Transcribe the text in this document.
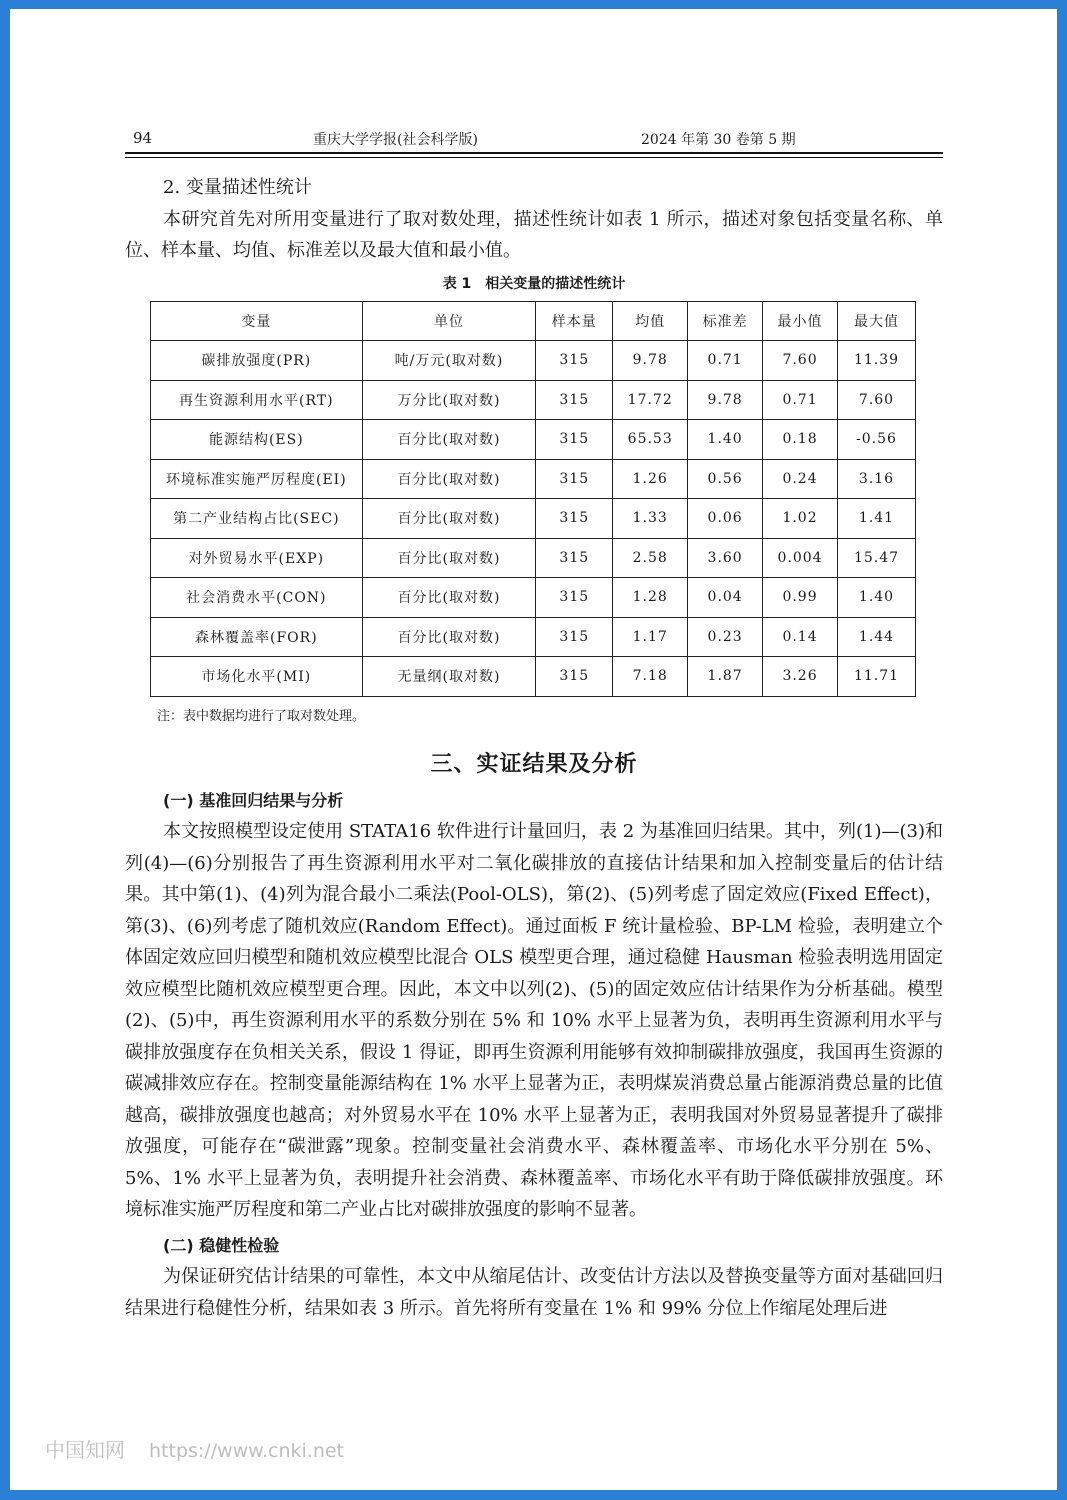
94	重庆大学学报(社会科学版)	2024 年第 30 卷第 5 期
2. 变量描述性统计

本研究首先对所用变量进行了取对数处理，描述性统计如表 1 所示，描述对象包括变量名称、单位、样本量、均值、标准差以及最大值和最小值。

表 1　相关变量的描述性统计
变量	单位	样本量	均值	标准差	最小值	最大值
碳排放强度(PR)	吨/万元(取对数)	315	9.78	0.71	7.60	11.39
再生资源利用水平(RT)	万分比(取对数)	315	17.72	9.78	0.71	7.60
能源结构(ES)	百分比(取对数)	315	65.53	1.40	0.18	-0.56
环境标准实施严厉程度(EI)	百分比(取对数)	315	1.26	0.56	0.24	3.16
第二产业结构占比(SEC)	百分比(取对数)	315	1.33	0.06	1.02	1.41
对外贸易水平(EXP)	百分比(取对数)	315	2.58	3.60	0.004	15.47
社会消费水平(CON)	百分比(取对数)	315	1.28	0.04	0.99	1.40
森林覆盖率(FOR)	百分比(取对数)	315	1.17	0.23	0.14	1.44
市场化水平(MI)	无量纲(取对数)	315	7.18	1.87	3.26	11.71
注：表中数据均进行了取对数处理。
三、实证结果及分析
(一) 基准回归结果与分析

本文按照模型设定使用 STATA16 软件进行计量回归，表 2 为基准回归结果。其中，列(1)—(3)和列(4)—(6)分别报告了再生资源利用水平对二氧化碳排放的直接估计结果和加入控制变量后的估计结果。其中第(1)、(4)列为混合最小二乘法(Pool-OLS)，第(2)、(5)列考虑了固定效应(Fixed Effect)，第(3)、(6)列考虑了随机效应(Random Effect)。通过面板 F 统计量检验、BP-LM 检验，表明建立个体固定效应回归模型和随机效应模型比混合 OLS 模型更合理，通过稳健 Hausman 检验表明选用固定效应模型比随机效应模型更合理。因此，本文中以列(2)、(5)的固定效应估计结果作为分析基础。模型(2)、(5)中，再生资源利用水平的系数分别在 5% 和 10% 水平上显著为负，表明再生资源利用水平与碳排放强度存在负相关关系，假设 1 得证，即再生资源利用能够有效抑制碳排放强度，我国再生资源的碳减排效应存在。控制变量能源结构在 1% 水平上显著为正，表明煤炭消费总量占能源消费总量的比值越高，碳排放强度也越高；对外贸易水平在 10% 水平上显著为正，表明我国对外贸易显著提升了碳排放强度，可能存在“碳泄露”现象。控制变量社会消费水平、森林覆盖率、市场化水平分别在 5%、5%、1% 水平上显著为负，表明提升社会消费、森林覆盖率、市场化水平有助于降低碳排放强度。环境标准实施严厉程度和第二产业占比对碳排放强度的影响不显著。

(二) 稳健性检验

为保证研究估计结果的可靠性，本文中从缩尾估计、改变估计方法以及替换变量等方面对基础回归结果进行稳健性分析，结果如表 3 所示。首先将所有变量在 1% 和 99% 分位上作缩尾处理后进

中国知网 https://www.cnki.net
